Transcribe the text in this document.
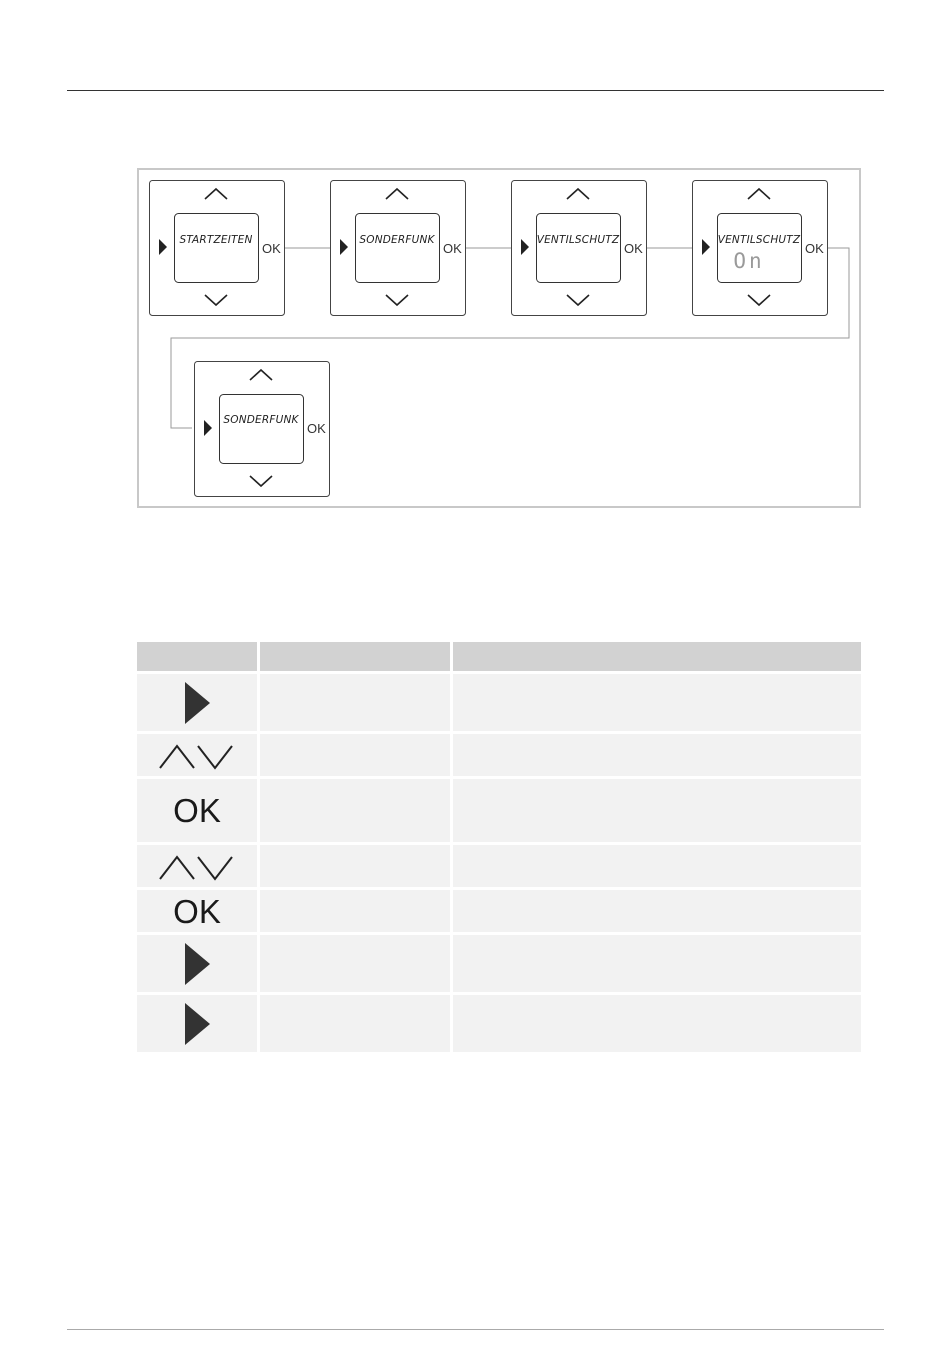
STARTZEITEN
OK
SONDERFUNK
OK
VENTILSCHUTZ
OK
VENTILSCHUTZ
On
OK
SONDERFUNK
OK
OK
OK
